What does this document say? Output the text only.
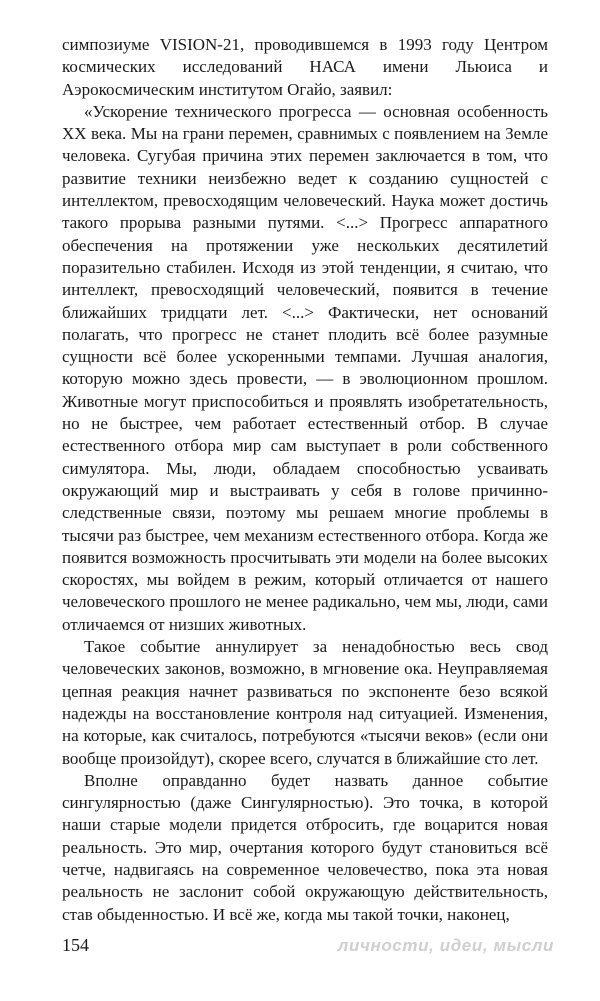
симпозиуме VISION-21, проводившемся в 1993 году Центром космических исследований НАСА имени Льюиса и Аэрокосмическим институтом Огайо, заявил:

«Ускорение технического прогресса — основная особенность XX века. Мы на грани перемен, сравнимых с появлением на Земле человека. Сугубая причина этих перемен заключается в том, что развитие техники неизбежно ведет к созданию сущностей с интеллектом, превосходящим человеческий. Наука может достичь такого прорыва разными путями. <...> Прогресс аппаратного обеспечения на протяжении уже нескольких десятилетий поразительно стабилен. Исходя из этой тенденции, я считаю, что интеллект, превосходящий человеческий, появится в течение ближайших тридцати лет. <...> Фактически, нет оснований полагать, что прогресс не станет плодить всё более разумные сущности всё более ускоренными темпами. Лучшая аналогия, которую можно здесь провести, — в эволюционном прошлом. Животные могут приспособиться и проявлять изобретательность, но не быстрее, чем работает естественный отбор. В случае естественного отбора мир сам выступает в роли собственного симулятора. Мы, люди, обладаем способностью усваивать окружающий мир и выстраивать у себя в голове причинно-следственные связи, поэтому мы решаем многие проблемы в тысячи раз быстрее, чем механизм естественного отбора. Когда же появится возможность просчитывать эти модели на более высоких скоростях, мы войдем в режим, который отличается от нашего человеческого прошлого не менее радикально, чем мы, люди, сами отличаемся от низших животных.

Такое событие аннулирует за ненадобностью весь свод человеческих законов, возможно, в мгновение ока. Неуправляемая цепная реакция начнет развиваться по экспоненте безо всякой надежды на восстановление контроля над ситуацией. Изменения, на которые, как считалось, потребуются «тысячи веков» (если они вообще произойдут), скорее всего, случатся в ближайшие сто лет.

Вполне оправданно будет назвать данное событие сингулярностью (даже Сингулярностью). Это точка, в которой наши старые модели придется отбросить, где воцарится новая реальность. Это мир, очертания которого будут становиться всё четче, надвигаясь на современное человечество, пока эта новая реальность не заслонит собой окружающую действительность, став обыденностью. И всё же, когда мы такой точки, наконец,

154	личности, идеи, мысли
